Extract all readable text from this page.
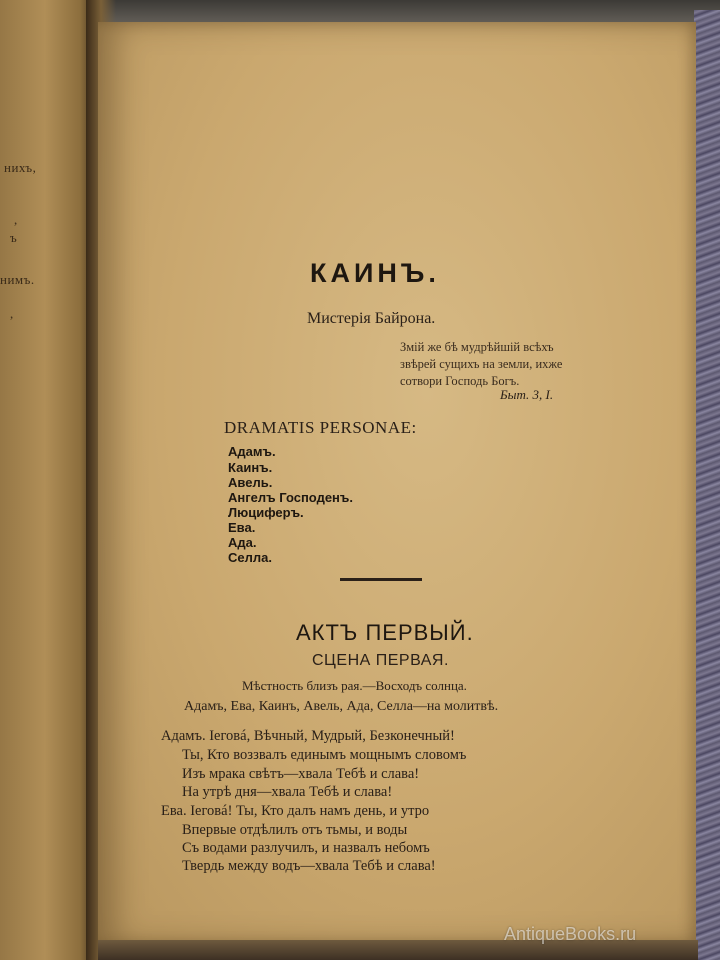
нихъ,
,
ъ
нимъ.
,
КАИНЪ.
Мистерiя Байрона.
Змiй же бѣ мудрѣйшiй всѣхъ
звѣрей сущихъ на земли, ихже
сотвори Господь Богъ.
Быт. 3, I.
DRAMATIS PERSONAE:
Адамъ.
Каинъ.
Авель.
Ангелъ Господенъ.
Люциферъ.
Ева.
Ада.
Селла.
АКТЪ ПЕРВЫЙ.
СЦЕНА ПЕРВАЯ.
Мѣстность близъ рая.—Восходъ солнца.
Адамъ, Ева, Каинъ, Авель, Ада, Селла—на молитвѣ.
Адамъ. Iеговá, Вѣчный, Мудрый, Безконечный!
Ты, Кто воззвалъ единымъ мощнымъ словомъ
Изъ мрака свѣтъ—хвала Тебѣ и слава!
На утрѣ дня—хвала Тебѣ и слава!
Ева. Iеговá! Ты, Кто далъ намъ день, и утро
Впервые отдѣлилъ отъ тьмы, и воды
Съ водами разлучилъ, и назвалъ небомъ
Твердь между водъ—хвала Тебѣ и слава!
AntiqueBooks.ru
